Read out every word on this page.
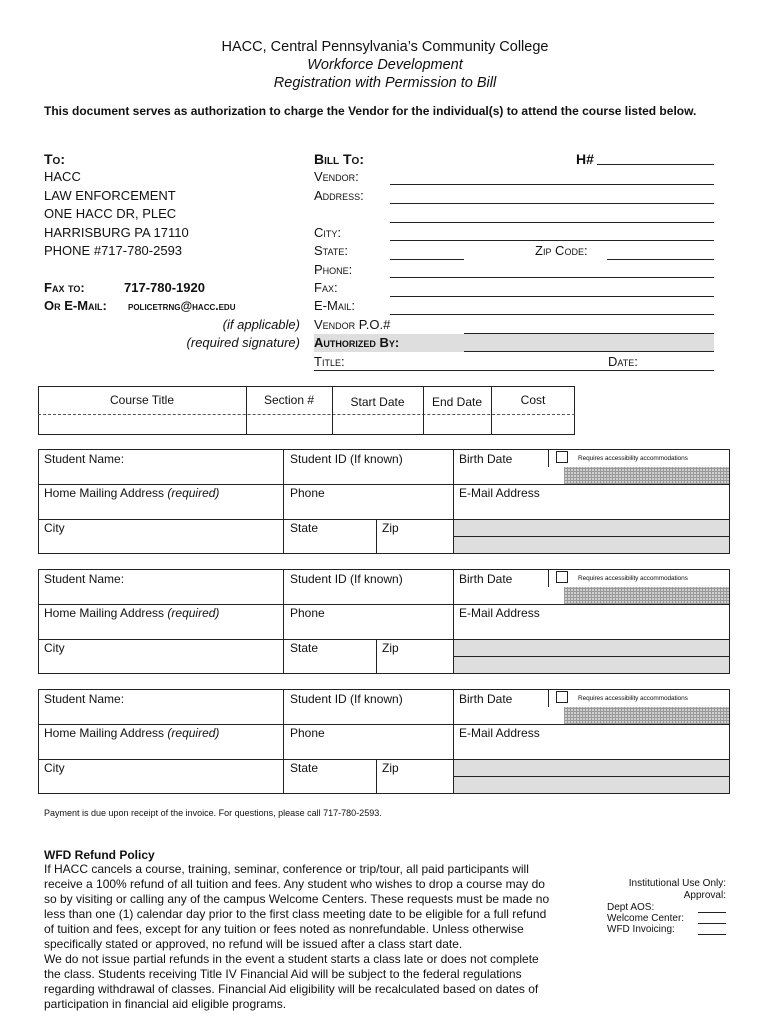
HACC, Central Pennsylvania’s Community College
Workforce Development
Registration with Permission to Bill
This document serves as authorization to charge the Vendor for the individual(s) to attend the course listed below.
To:
HACC
LAW ENFORCEMENT
ONE HACC DR, PLEC
HARRISBURG PA 17110
PHONE #717-780-2593
Fax to:	717-780-1920
Or E-Mail: policetrng@hacc.edu
(if applicable)
(required signature)
Bill To:	H#
Vendor:
Address:
City:
State:	Zip Code:
Phone:
Fax:
E-Mail:
Vendor P.O.#
Authorized By:
Title:	Date:
Course Title	Section #	Start Date	End Date	Cost
Student Name:	Student ID (If known)	Birth Date	Requires accessibility accommodations
Home Mailing Address (required)	Phone	E-Mail Address
City	State	Zip
Student Name:	Student ID (If known)	Birth Date	Requires accessibility accommodations
Home Mailing Address (required)	Phone	E-Mail Address
City	State	Zip
Student Name:	Student ID (If known)	Birth Date	Requires accessibility accommodations
Home Mailing Address (required)	Phone	E-Mail Address
City	State	Zip
Payment is due upon receipt of the invoice. For questions, please call 717-780-2593.
WFD Refund Policy
If HACC cancels a course, training, seminar, conference or trip/tour, all paid participants will
receive a 100% refund of all tuition and fees. Any student who wishes to drop a course may do
so by visiting or calling any of the campus Welcome Centers. These requests must be made no
less than one (1) calendar day prior to the first class meeting date to be eligible for a full refund
of tuition and fees, except for any tuition or fees noted as nonrefundable. Unless otherwise
specifically stated or approved, no refund will be issued after a class start date.
We do not issue partial refunds in the event a student starts a class late or does not complete
the class. Students receiving Title IV Financial Aid will be subject to the federal regulations
regarding withdrawal of classes. Financial Aid eligibility will be recalculated based on dates of
participation in financial aid eligible programs.
Institutional Use Only:
Approval:
Dept AOS:
Welcome Center:
WFD Invoicing:
